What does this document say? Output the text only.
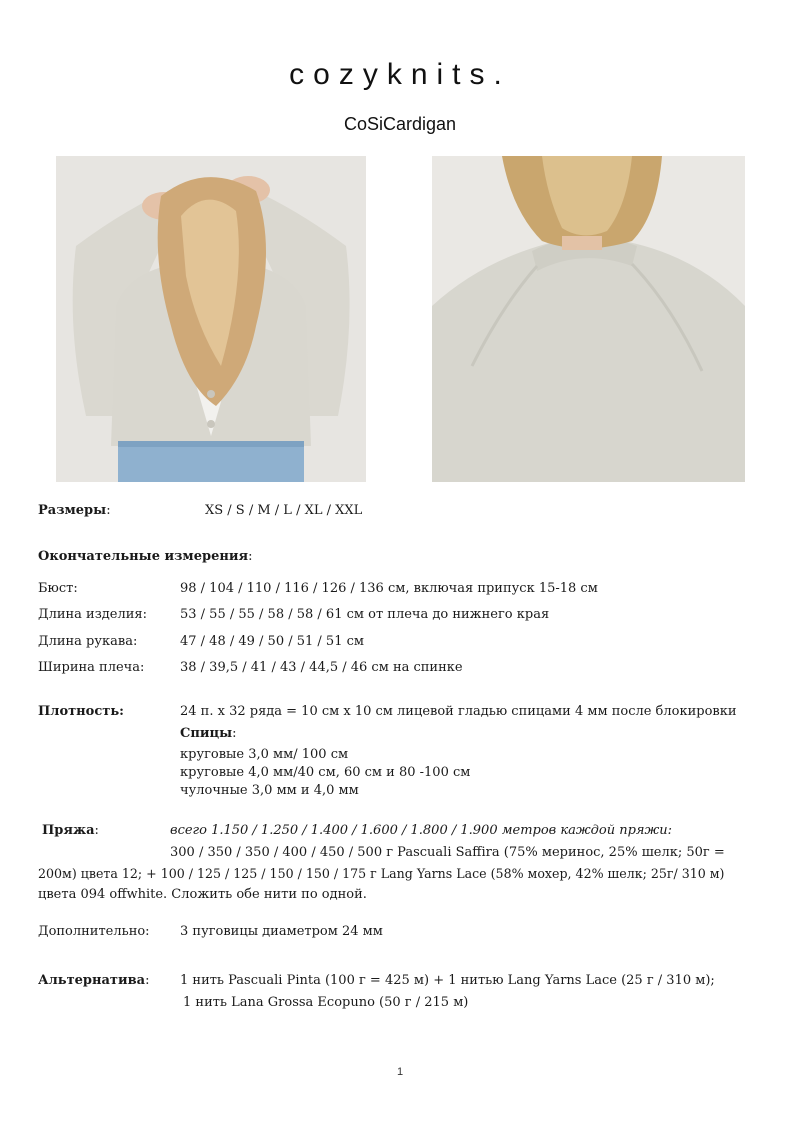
cozyknits.
CoSiCardigan
Размеры:	XS / S / M / L / XL / XXL
Окончательные измерения:
Бюст:	98 / 104 / 110 / 116 / 126 / 136 см, включая припуск 15-18 см
Длина изделия:	53 / 55 / 55 / 58 / 58 / 61 см от плеча до нижнего края
Длина рукава:	47 / 48 / 49 / 50 / 51 / 51 см
Ширина плеча:	38 / 39,5 / 41 / 43 / 44,5 / 46 см на спинке
Плотность:	24 п. x 32 ряда = 10 см x 10 см лицевой гладью спицами 4 мм после блокировки
Спицы:
круговые 3,0 мм/ 100 см
круговые 4,0 мм/40 см, 60 см и 80 -100 см
чулочные 3,0 мм и 4,0 мм
Пряжа:	всего 1.150 / 1.250 / 1.400 / 1.600 / 1.800 / 1.900 метров каждой пряжи:
300 / 350 / 350 / 400 / 450 / 500 г Pascuali Saffira (75% меринос, 25% шелк; 50г =
200м) цвета 12; + 100 / 125 / 125 / 150 / 150 / 175 г Lang Yarns Lace (58% мохер, 42% шелк; 25г/ 310 м)
цвета 094 offwhite. Сложить обе нити по одной.
Дополнительно: 3 пуговицы диаметром 24 мм
Альтернатива: 1 нить Pascuali Pinta (100 г = 425 м) + 1 нитью Lang Yarns Lace (25 г / 310 м);
1 нить Lana Grossa Ecopuno (50 г / 215 м)
1
